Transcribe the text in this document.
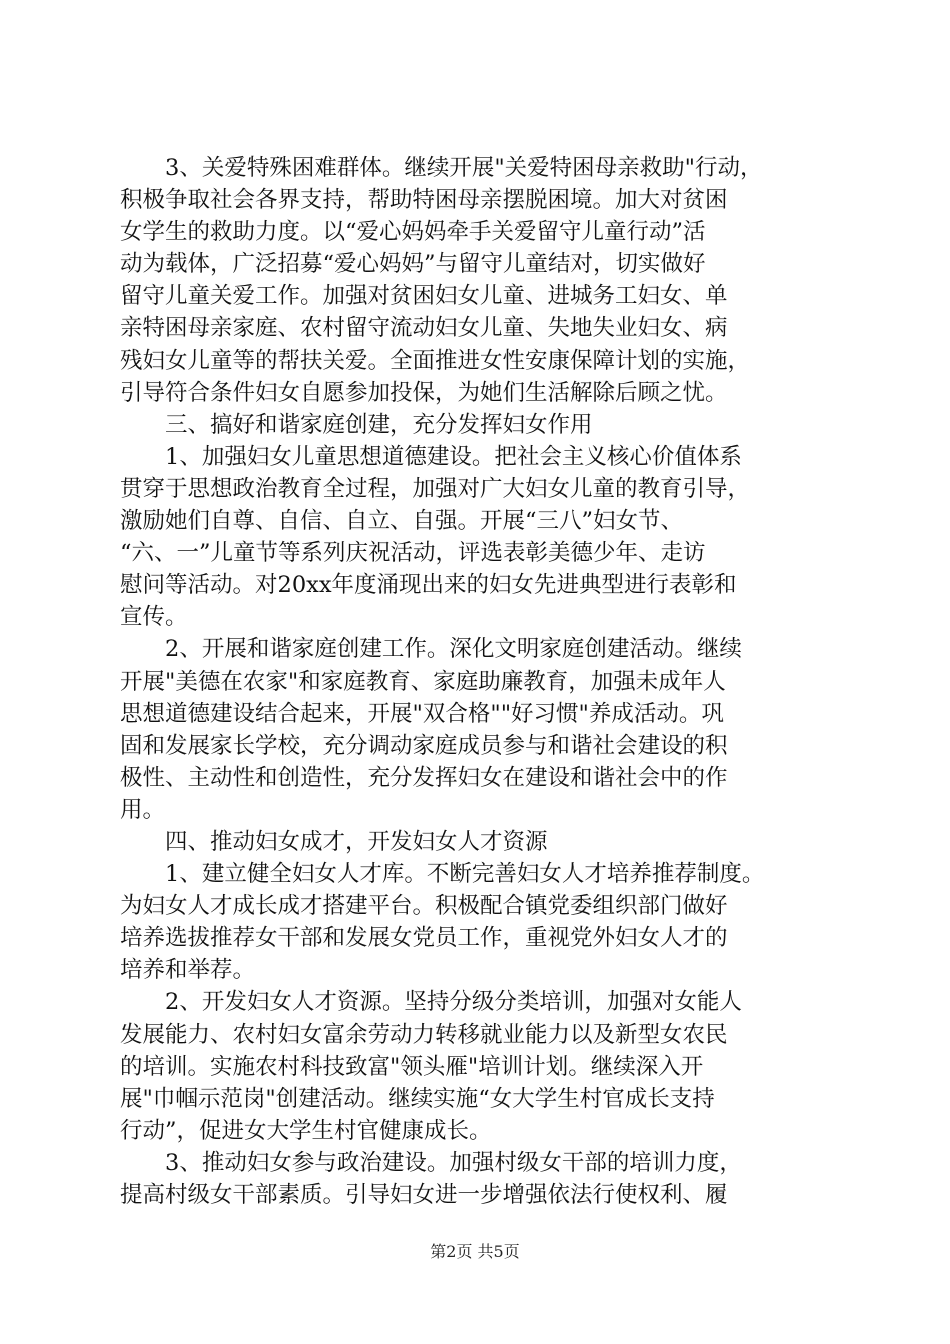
　　3、关爱特殊困难群体。继续开展"关爱特困母亲救助"行动，
积极争取社会各界支持，帮助特困母亲摆脱困境。加大对贫困
女学生的救助力度。以“爱心妈妈牵手关爱留守儿童行动”活
动为载体，广泛招募“爱心妈妈”与留守儿童结对，切实做好
留守儿童关爱工作。加强对贫困妇女儿童、进城务工妇女、单
亲特困母亲家庭、农村留守流动妇女儿童、失地失业妇女、病
残妇女儿童等的帮扶关爱。全面推进女性安康保障计划的实施，
引导符合条件妇女自愿参加投保，为她们生活解除后顾之忧。
　　三、搞好和谐家庭创建，充分发挥妇女作用
　　1、加强妇女儿童思想道德建设。把社会主义核心价值体系
贯穿于思想政治教育全过程，加强对广大妇女儿童的教育引导，
激励她们自尊、自信、自立、自强。开展“三八”妇女节、
“六、一”儿童节等系列庆祝活动，评选表彰美德少年、走访
慰问等活动。对20xx年度涌现出来的妇女先进典型进行表彰和
宣传。
　　2、开展和谐家庭创建工作。深化文明家庭创建活动。继续
开展"美德在农家"和家庭教育、家庭助廉教育，加强未成年人
思想道德建设结合起来，开展"双合格""好习惯"养成活动。巩
固和发展家长学校，充分调动家庭成员参与和谐社会建设的积
极性、主动性和创造性，充分发挥妇女在建设和谐社会中的作
用。
　　四、推动妇女成才，开发妇女人才资源
　　1、建立健全妇女人才库。不断完善妇女人才培养推荐制度。
为妇女人才成长成才搭建平台。积极配合镇党委组织部门做好
培养选拔推荐女干部和发展女党员工作，重视党外妇女人才的
培养和举荐。
　　2、开发妇女人才资源。坚持分级分类培训，加强对女能人
发展能力、农村妇女富余劳动力转移就业能力以及新型女农民
的培训。实施农村科技致富"领头雁"培训计划。继续深入开
展"巾帼示范岗"创建活动。继续实施“女大学生村官成长支持
行动”，促进女大学生村官健康成长。
　　3、推动妇女参与政治建设。加强村级女干部的培训力度，
提高村级女干部素质。引导妇女进一步增强依法行使权利、履
第2页 共5页
